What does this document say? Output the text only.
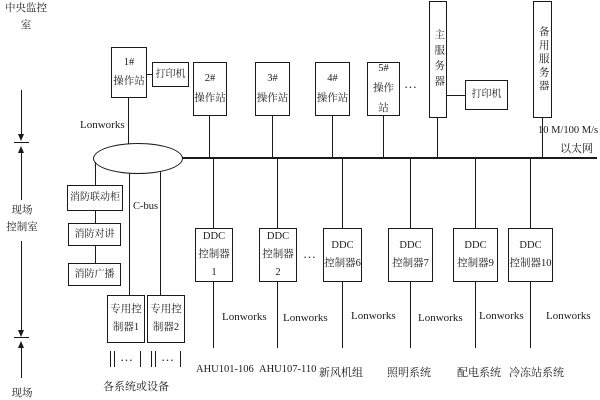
中央监控室
现场
控制室
现场
1#
操作站
打印机 2#
操作站
3#
操作站
4#
操作站
5#
操作站
… 主服务器
打印机
备用服务器
Lonworks	10 M/100 M/s
以太网
C-bus
消防联动柜
消防对讲
消防广播
专用控
制器1
专用控
制器2
… …
各系统或设备
DDC
控制器1
DDC
控制器2
…
DDC
控制器6
DDC
控制器7
DDC
控制器9
DDC
控制器10
Lonworks Lonworks Lonworks Lonworks Lonworks Lonworks
AHU101-106 AHU107-110 新风机组 照明系统 配电系统 冷冻站系统
